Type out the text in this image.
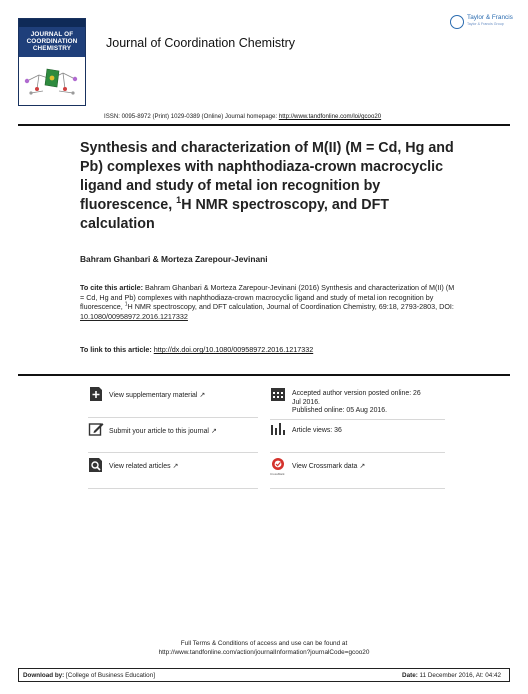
JOURNAL OF
COORDINATION
CHEMISTRY	Journal of Coordination Chemistry
Taylor & Francis
Taylor & Francis Group
ISSN: 0095-8972 (Print) 1029-0389 (Online) Journal homepage: http://www.tandfonline.com/loi/gcoo20
Synthesis and characterization of M(II) (M = Cd, Hg and Pb) complexes with naphthodiaza-crown macrocyclic ligand and study of metal ion recognition by fluorescence, $^1$H NMR spectroscopy, and DFT calculation
Bahram Ghanbari & Morteza Zarepour-Jevinani
To cite this article: Bahram Ghanbari & Morteza Zarepour-Jevinani (2016) Synthesis and characterization of M(II) (M = Cd, Hg and Pb) complexes with naphthodiaza-crown macrocyclic ligand and study of metal ion recognition by fluorescence, $^1$H NMR spectroscopy, and DFT calculation, Journal of Coordination Chemistry, 69:18, 2793-2803, DOI: 10.1080/00958972.2016.1217332
To link to this article: http://dx.doi.org/10.1080/00958972.2016.1217332
View supplementary material ↗
Submit your article to this journal ↗
View related articles ↗
Accepted author version posted online: 26
Jul 2016.
Published online: 05 Aug 2016.
Article views: 36
CrossMark
View Crossmark data ↗
Full Terms & Conditions of access and use can be found at
http://www.tandfonline.com/action/journalInformation?journalCode=gcoo20
Download by: [College of Business Education]	Date: 11 December 2016, At: 04:42
